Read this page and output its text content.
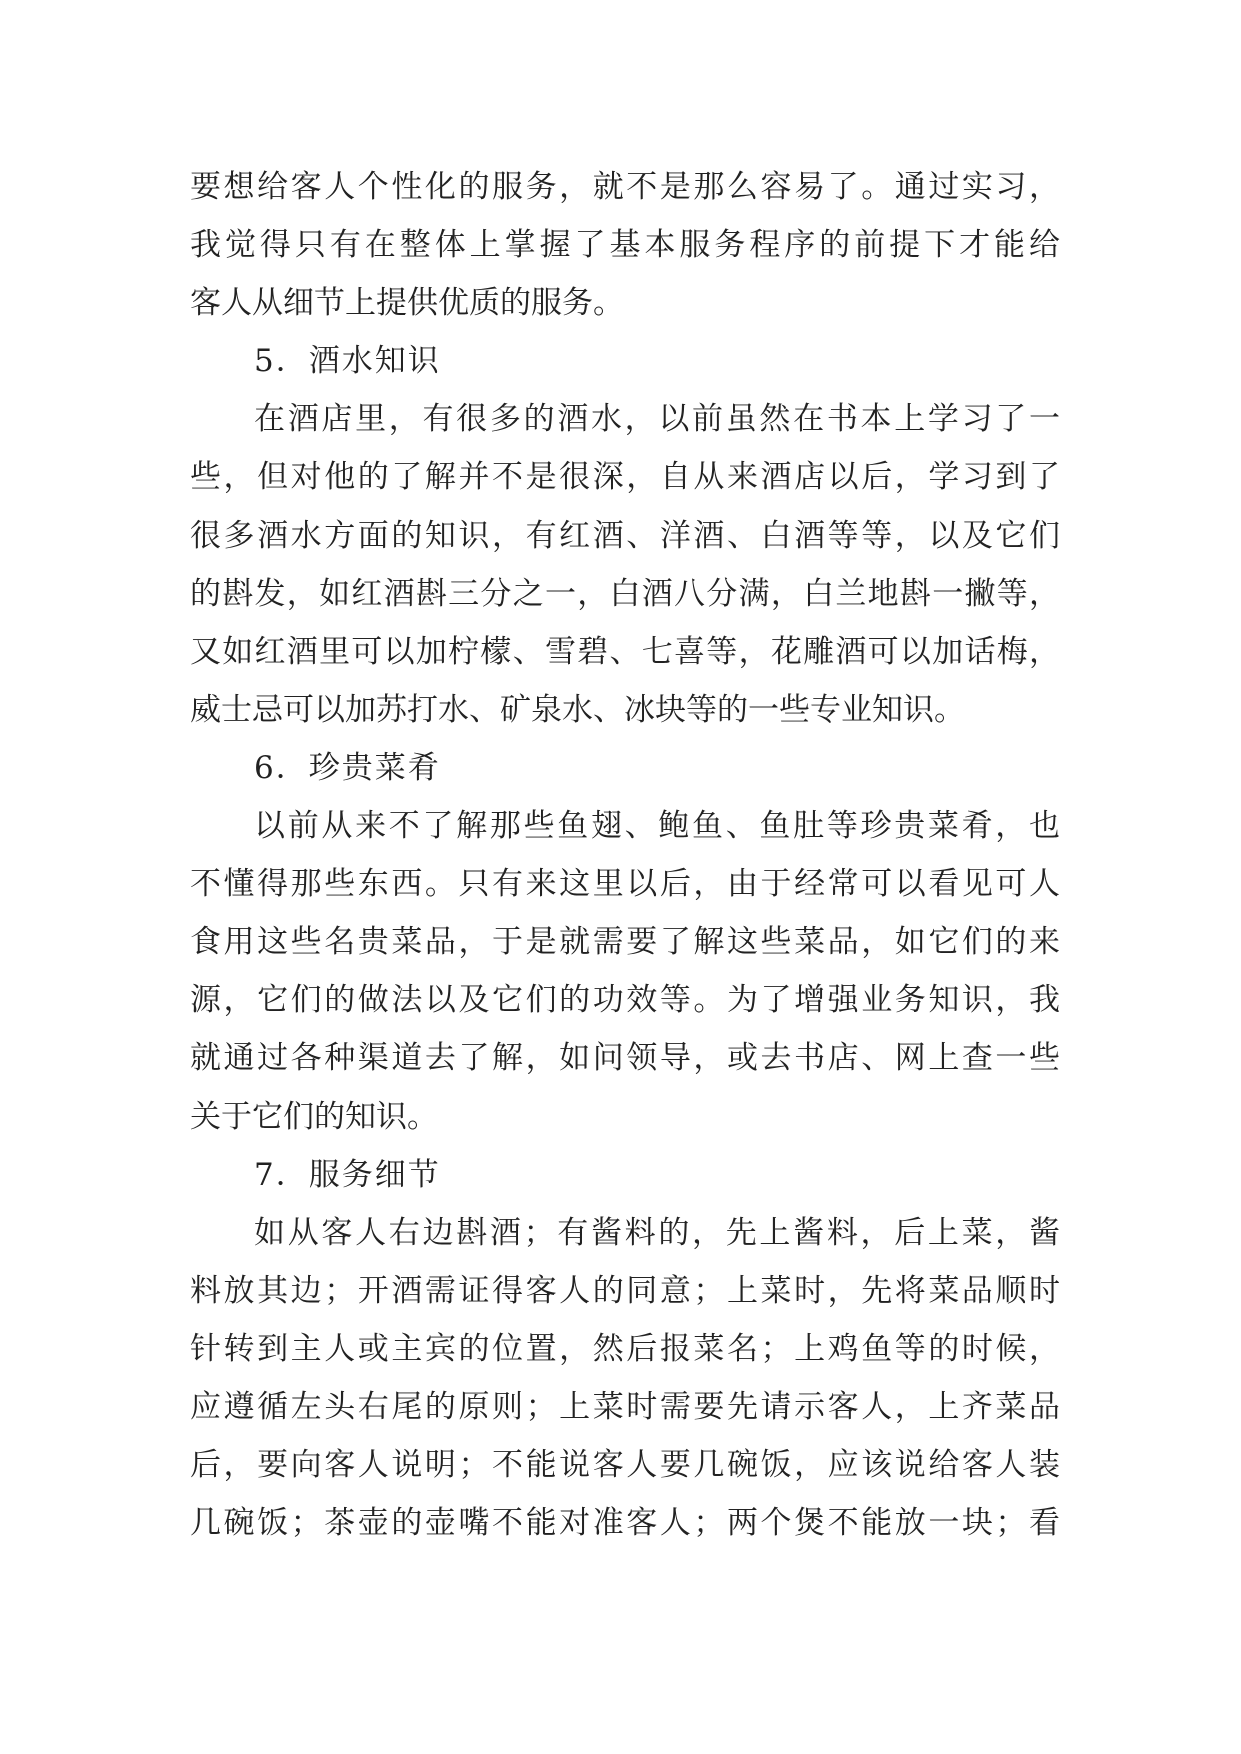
要想给客人个性化的服务，就不是那么容易了。通过实习，
我觉得只有在整体上掌握了基本服务程序的前提下才能给
客人从细节上提供优质的服务。
5．酒水知识
在酒店里，有很多的酒水，以前虽然在书本上学习了一
些，但对他的了解并不是很深，自从来酒店以后，学习到了
很多酒水方面的知识，有红酒、洋酒、白酒等等，以及它们
的斟发，如红酒斟三分之一，白酒八分满，白兰地斟一撇等，
又如红酒里可以加柠檬、雪碧、七喜等，花雕酒可以加话梅，
威士忌可以加苏打水、矿泉水、冰块等的一些专业知识。
6．珍贵菜肴
以前从来不了解那些鱼翅、鲍鱼、鱼肚等珍贵菜肴，也
不懂得那些东西。只有来这里以后，由于经常可以看见可人
食用这些名贵菜品，于是就需要了解这些菜品，如它们的来
源，它们的做法以及它们的功效等。为了增强业务知识，我
就通过各种渠道去了解，如问领导，或去书店、网上查一些
关于它们的知识。
7．服务细节
如从客人右边斟酒；有酱料的，先上酱料，后上菜，酱
料放其边；开酒需证得客人的同意；上菜时，先将菜品顺时
针转到主人或主宾的位置，然后报菜名；上鸡鱼等的时候，
应遵循左头右尾的原则；上菜时需要先请示客人，上齐菜品
后，要向客人说明；不能说客人要几碗饭，应该说给客人装
几碗饭；茶壶的壶嘴不能对准客人；两个煲不能放一块；看
